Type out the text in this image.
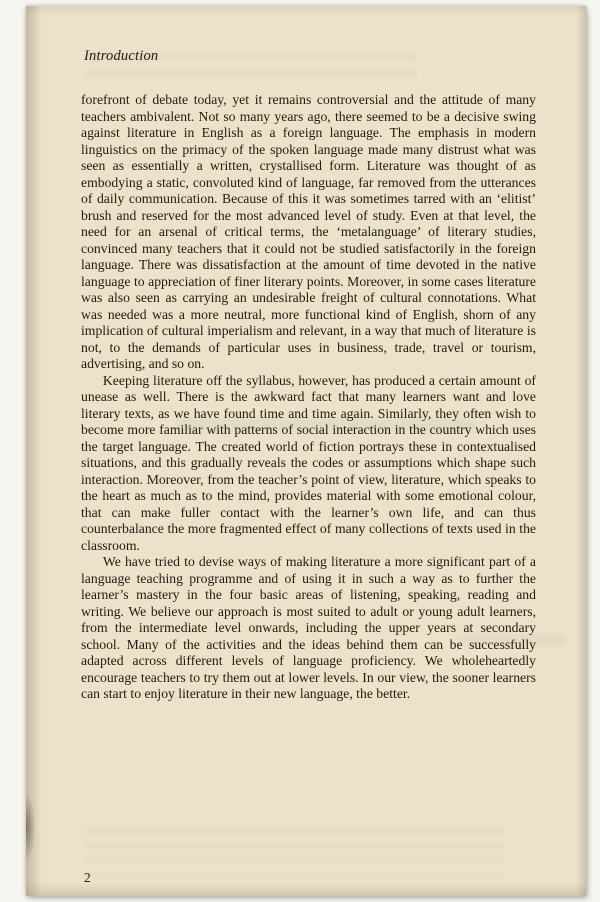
Introduction

forefront of debate today, yet it remains controversial and the attitude of many teachers ambivalent. Not so many years ago, there seemed to be a decisive swing against literature in English as a foreign language. The emphasis in modern linguistics on the primacy of the spoken language made many distrust what was seen as essentially a written, crystallised form. Literature was thought of as embodying a static, convoluted kind of language, far removed from the utterances of daily communication. Because of this it was sometimes tarred with an ‘elitist’ brush and reserved for the most advanced level of study. Even at that level, the need for an arsenal of critical terms, the ‘metalanguage’ of literary studies, convinced many teachers that it could not be studied satisfactorily in the foreign language. There was dissatisfaction at the amount of time devoted in the native language to appreciation of finer literary points. Moreover, in some cases literature was also seen as carrying an undesirable freight of cultural connotations. What was needed was a more neutral, more functional kind of English, shorn of any implication of cultural imperialism and relevant, in a way that much of literature is not, to the demands of particular uses in business, trade, travel or tourism, advertising, and so on.

Keeping literature off the syllabus, however, has produced a certain amount of unease as well. There is the awkward fact that many learners want and love literary texts, as we have found time and time again. Similarly, they often wish to become more familiar with patterns of social interaction in the country which uses the target language. The created world of fiction portrays these in contextualised situations, and this gradually reveals the codes or assumptions which shape such interaction. Moreover, from the teacher’s point of view, literature, which speaks to the heart as much as to the mind, provides material with some emotional colour, that can make fuller contact with the learner’s own life, and can thus counterbalance the more fragmented effect of many collections of texts used in the classroom.

We have tried to devise ways of making literature a more significant part of a language teaching programme and of using it in such a way as to further the learner’s mastery in the four basic areas of listening, speaking, reading and writing. We believe our approach is most suited to adult or young adult learners, from the intermediate level onwards, including the upper years at secondary school. Many of the activities and the ideas behind them can be successfully adapted across different levels of language proficiency. We wholeheartedly encourage teachers to try them out at lower levels. In our view, the sooner learners can start to enjoy literature in their new language, the better.

2
